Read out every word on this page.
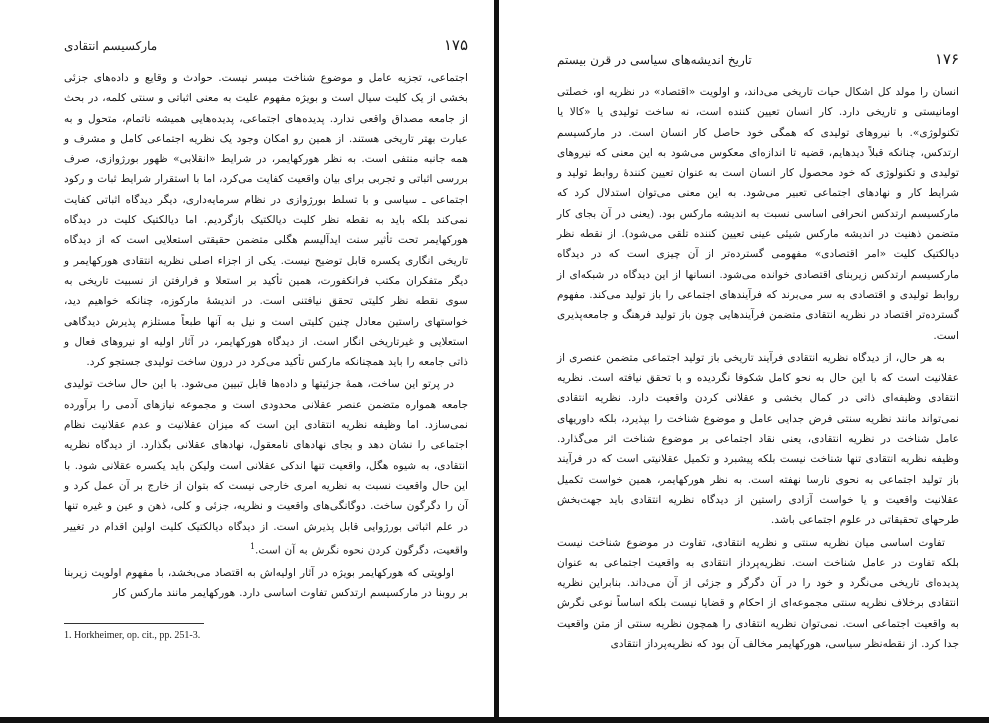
مارکسیسم انتقادی	۱۷۵

اجتماعی، تجزیه عامل و موضوع شناخت میسر نیست. حوادث و وقایع و داده‌های جزئی بخشی از یک کلیت سیال است و بویژه مفهوم علیت به معنی اثباتی و سنتی کلمه، در بحث از جامعه مصداق واقعی ندارد. پدیده‌های اجتماعی، پدیده‌هایی همیشه ناتمام، متحول و به عبارت بهتر تاریخی هستند. از همین رو امکان وجود یک نظریه اجتماعی کامل و مشرف و همه جانبه منتفی است. به نظر هورکهایمر، در شرایط «انقلابی» ظهور بورژوازی، صرف بررسی اثباتی و تجربی برای بیان واقعیت کفایت می‌کرد، اما با استقرار شرایط ثبات و رکود اجتماعی ـ سیاسی و با تسلط بورژوازی در نظام سرمایه‌داری، دیگر دیدگاه اثباتی کفایت نمی‌کند بلکه باید به نقطه نظر کلیت دیالکتیک بازگردیم. اما دیالکتیک کلیت در دیدگاه هورکهایمر تحت تأثیر سنت ایدآلیسم هگلی متضمن حقیقتی استعلایی است که از دیدگاه تاریخی انگاری یکسره قابل توضیح نیست. یکی از اجزاء اصلی نظریه انتقادی هورکهایمر و دیگر متفکران مکتب فرانکفورت، همین تأکید بر استعلا و فرارفتن از نسبیت تاریخی به سوی نقطه نظر کلیتی تحقق نیافتنی است. در اندیشهٔ مارکوزه، چنانکه خواهیم دید، خواستهای راستین معادل چنین کلیتی است و نیل به آنها طبعاً مستلزم پذیرش دیدگاهی استعلایی و غیرتاریخی انگار است. از دیدگاه هورکهایمر، در آثار اولیه او نیروهای فعال و ذاتی جامعه را باید همچنانکه مارکس تأکید می‌کرد در درون ساخت تولیدی جستجو کرد.

در پرتو این ساخت، همهٔ جزئیتها و داده‌ها قابل تبیین می‌شود. با این حال ساخت تولیدی جامعه همواره متضمن عنصر عقلانی محدودی است و مجموعه نیازهای آدمی را برآورده نمی‌سازد. اما وظیفه نظریه انتقادی این است که میزان عقلانیت و عدم عقلانیت نظام اجتماعی را نشان دهد و بجای نهادهای نامعقول، نهادهای عقلانی بگذارد. از دیدگاه نظریه انتقادی، به شیوه هگل، واقعیت تنها اندکی عقلانی است ولیکن باید یکسره عقلانی شود. با این حال واقعیت نسبت به نظریه امری خارجی نیست که بتوان از خارج بر آن عمل کرد و آن را دگرگون ساخت. دوگانگی‌های واقعیت و نظریه، جزئی و کلی، ذهن و عین و غیره تنها در علم اثباتی بورژوایی قابل پذیرش است. از دیدگاه دیالکتیک کلیت اولین اقدام در تغییر واقعیت، دگرگون کردن نحوه نگرش به آن است.$^1$

اولویتی که هورکهایمر بویژه در آثار اولیه‌اش به اقتصاد می‌بخشد، با مفهوم اولویت زیربنا بر روبنا در مارکسیسم ارتدکس تفاوت اساسی دارد. هورکهایمر مانند مارکس کار

1. Horkheimer, op. cit., pp. 251-3.
۱۷۶
تاریخ اندیشه‌های سیاسی در قرن بیستم

انسان را مولد کل اشکال حیات تاریخی می‌داند، و اولویت «اقتصاد» در نظریه او، خصلتی اومانیستی و تاریخی دارد. کار انسان تعیین کننده است، نه ساخت تولیدی یا «کالا یا تکنولوژی». با نیروهای تولیدی که همگی خود حاصل کار انسان است. در مارکسیسم ارتدکس، چنانکه قبلاً دیدهایم، قضیه تا اندازه‌ای معکوس می‌شود به این معنی که نیروهای تولیدی و تکنولوژی که خود محصول کار انسان است به عنوان تعیین کنندهٔ روابط تولید و شرایط کار و نهادهای اجتماعی تعبیر می‌شود. به این معنی می‌توان استدلال کرد که مارکسیسم ارتدکس انحرافی اساسی نسبت به اندیشه مارکس بود. (یعنی در آن بجای کار متضمن ذهنیت در اندیشه مارکس شیئی عینی تعیین کننده تلقی می‌شود). از نقطه نظر دیالکتیک کلیت «امر اقتصادی» مفهومی گسترده‌تر از آن چیزی است که در دیدگاه مارکسیسم ارتدکس زیربنای اقتصادی خوانده می‌شود. انسانها از این دیدگاه در شبکه‌ای از روابط تولیدی و اقتصادی به سر می‌برند که فرآیندهای اجتماعی را باز تولید می‌کند. مفهوم گسترده‌تر اقتصاد در نظریه انتقادی متضمن فرآیندهایی چون باز تولید فرهنگ و جامعه‌پذیری است.

به هر حال، از دیدگاه نظریه انتقادی فرآیند تاریخی باز تولید اجتماعی متضمن عنصری از عقلانیت است که با این حال به نحو کامل شکوفا نگردیده و با تحقق نیافته است. نظریه انتقادی وظیفه‌ای ذاتی در کمال بخشی و عقلانی کردن واقعیت دارد. نظریه انتقادی نمی‌تواند مانند نظریه سنتی فرض جدایی عامل و موضوع شناخت را بپذیرد، بلکه داوریهای عامل شناخت در نظریه انتقادی، یعنی نقاد اجتماعی بر موضوع شناخت اثر می‌گذارد. وظیفه نظریه انتقادی تنها شناخت نیست بلکه پیشبرد و تکمیل عقلانیتی است که در فرآیند باز تولید اجتماعی به نحوی نارسا نهفته است. به نظر هورکهایمر، همین خواست تکمیل عقلانیت واقعیت و یا خواست آزادی راستین از دیدگاه نظریه انتقادی باید جهت‌بخش طرحهای تحقیقاتی در علوم اجتماعی باشد.

تفاوت اساسی میان نظریه سنتی و نظریه انتقادی، تفاوت در موضوع شناخت نیست بلکه تفاوت در عامل شناخت است. نظریه‌پرداز انتقادی به واقعیت اجتماعی به عنوان پدیده‌ای تاریخی می‌نگرد و خود را در آن دگرگر و جزئی از آن می‌داند. بنابراین نظریه انتقادی برخلاف نظریه سنتی مجموعه‌ای از احکام و قضایا نیست بلکه اساساً نوعی نگرش به واقعیت اجتماعی است. نمی‌توان نظریه انتقادی را همچون نظریه سنتی از متن واقعیت جدا کرد. از نقطه‌نظر سیاسی، هورکهایمر مخالف آن بود که نظریه‌پرداز انتقادی
